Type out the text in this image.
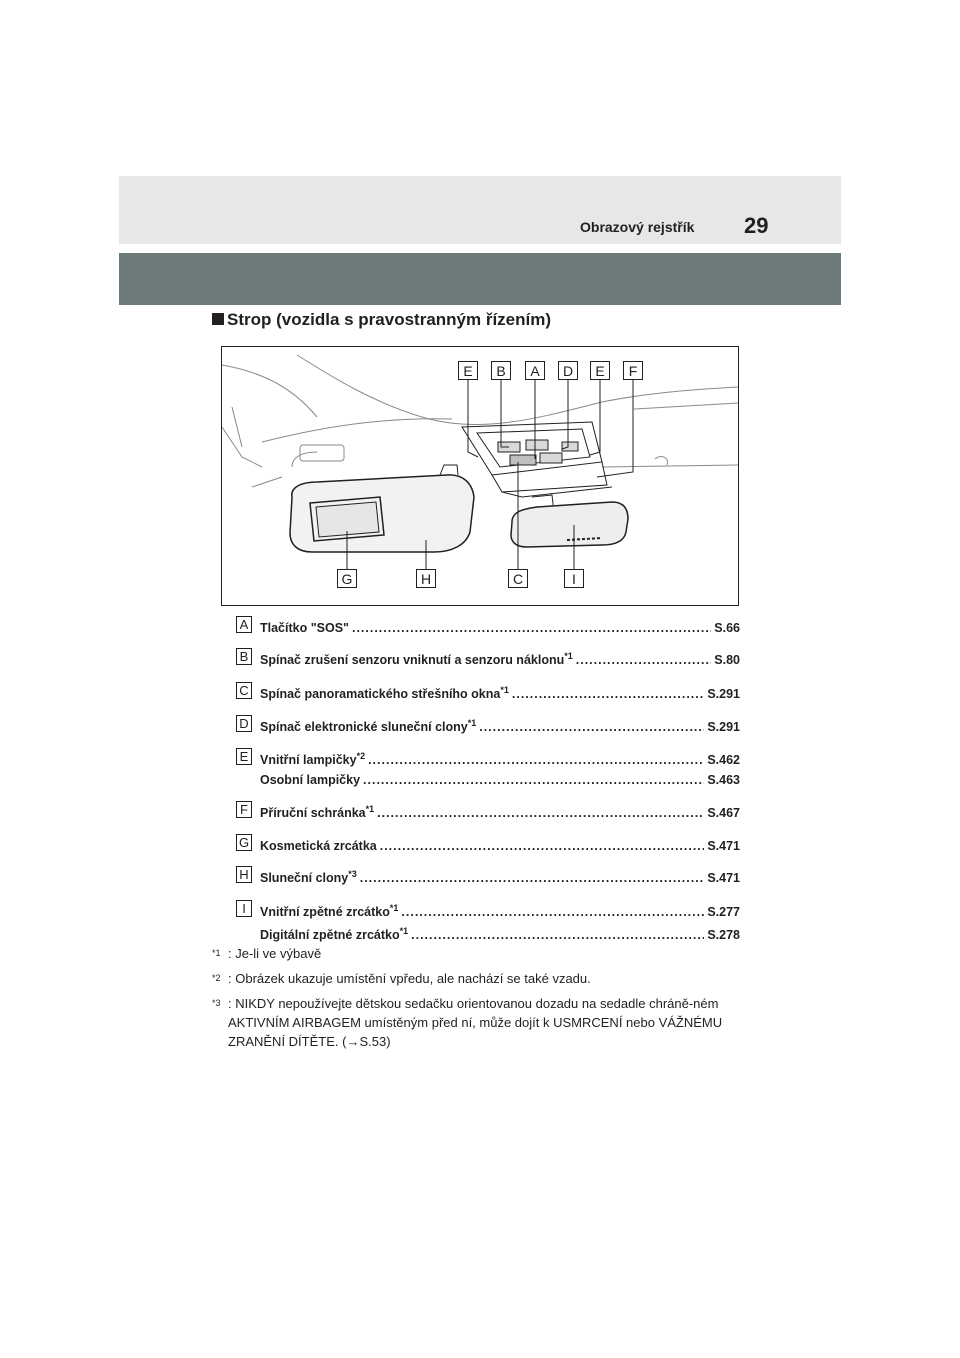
Obrazový rejstřík 29
Strop (vozidla s pravostranným řízením)
E	B	A	D	E	F
G	H	C	I
A Tlačítko "SOS" .....	S.66
B Spínač zrušení senzoru vniknutí a senzoru náklonu$^{*1}$ .....	S.80
C Spínač panoramatického střešního okna$^{*1}$ .....	S.291
D Spínač elektronické sluneční clony$^{*1}$ .....	S.291
E Vnitřní lampičky$^{*2}$ .....	S.462
Osobní lampičky .....	S.463
F Příruční schránka$^{*1}$ .....	S.467
G Kosmetická zrcátka .....	S.471
H Sluneční clony$^{*3}$ .....	S.471
I	Vnitřní zpětné zrcátko$^{*1}$ .....	S.277
Digitální zpětné zrcátko$^{*1}$ .....	S.278
$^{*1}$ : Je-li ve výbavě
$^{*2}$ : Obrázek ukazuje umístění vpředu, ale nachází se také vzadu.
$^{*3}$ : NIKDY nepoužívejte dětskou sedačku orientovanou dozadu na sedadle chráně-ném AKTIVNÍM AIRBAGEM umístěným před ní, může dojít k USMRCENÍ nebo VÁŽNÉMU ZRANĚNÍ DÍTĚTE. (→S.53)
